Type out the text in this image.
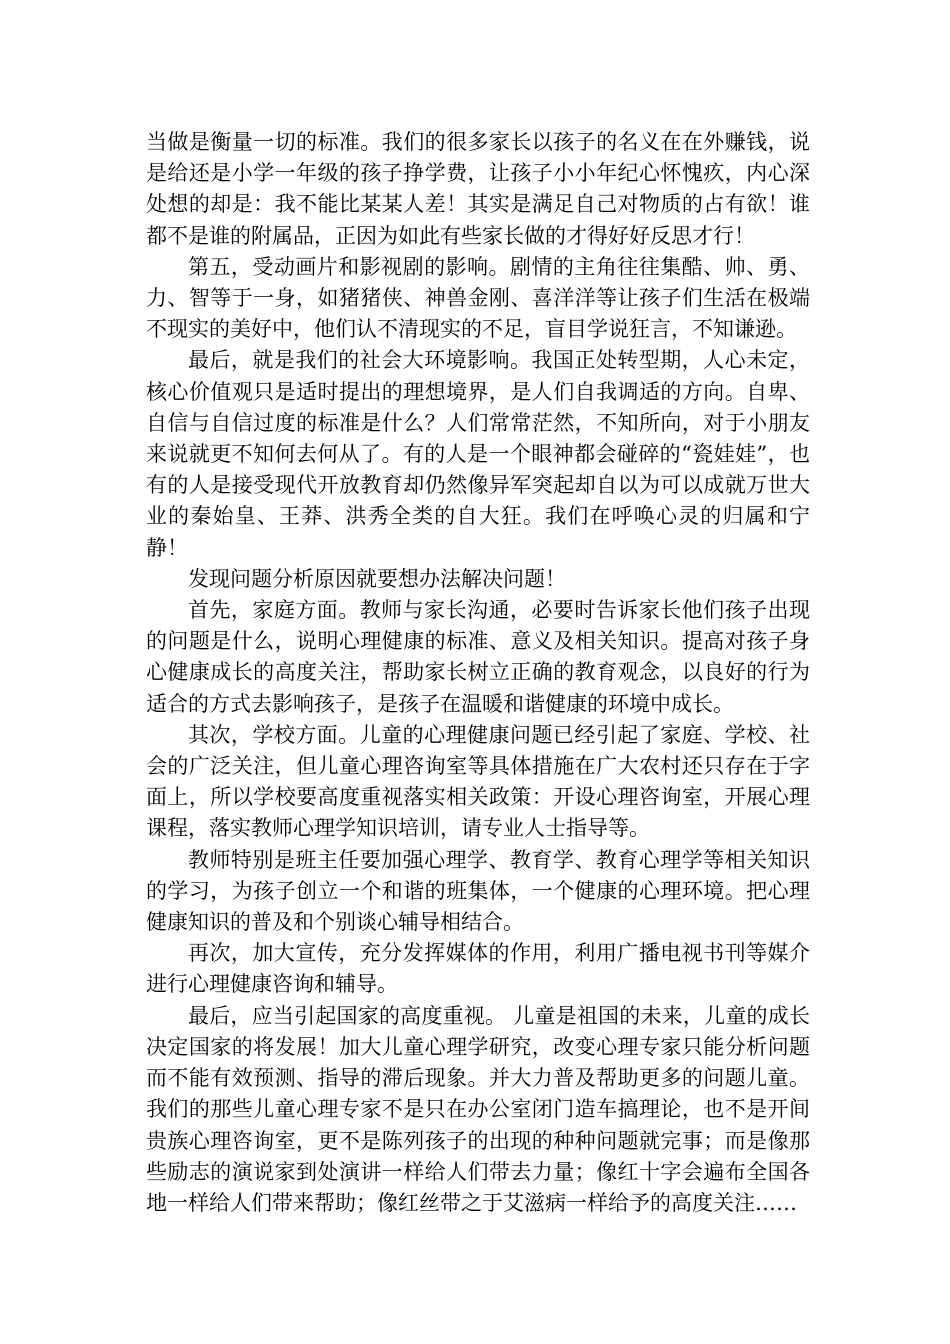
当做是衡量一切的标准。我们的很多家长以孩子的名义在在外赚钱，说是给还是小学一年级的孩子挣学费，让孩子小小年纪心怀愧疚，内心深处想的却是：我不能比某某人差！其实是满足自己对物质的占有欲！谁都不是谁的附属品，正因为如此有些家长做的才得好好反思才行！

第五，受动画片和影视剧的影响。剧情的主角往往集酷、帅、勇、力、智等于一身，如猪猪侠、神兽金刚、喜洋洋等让孩子们生活在极端不现实的美好中，他们认不清现实的不足，盲目学说狂言，不知谦逊。

最后，就是我们的社会大环境影响。我国正处转型期，人心未定，核心价值观只是适时提出的理想境界，是人们自我调适的方向。自卑、自信与自信过度的标准是什么？人们常常茫然，不知所向，对于小朋友来说就更不知何去何从了。有的人是一个眼神都会碰碎的“瓷娃娃”，也有的人是接受现代开放教育却仍然像异军突起却自以为可以成就万世大业的秦始皇、王莽、洪秀全类的自大狂。我们在呼唤心灵的归属和宁静！

发现问题分析原因就要想办法解决问题！

首先，家庭方面。教师与家长沟通，必要时告诉家长他们孩子出现的问题是什么，说明心理健康的标准、意义及相关知识。提高对孩子身心健康成长的高度关注，帮助家长树立正确的教育观念，以良好的行为适合的方式去影响孩子，是孩子在温暖和谐健康的环境中成长。

其次，学校方面。儿童的心理健康问题已经引起了家庭、学校、社会的广泛关注，但儿童心理咨询室等具体措施在广大农村还只存在于字面上，所以学校要高度重视落实相关政策：开设心理咨询室，开展心理课程，落实教师心理学知识培训，请专业人士指导等。

教师特别是班主任要加强心理学、教育学、教育心理学等相关知识的学习，为孩子创立一个和谐的班集体，一个健康的心理环境。把心理健康知识的普及和个别谈心辅导相结合。

再次，加大宣传，充分发挥媒体的作用，利用广播电视书刊等媒介进行心理健康咨询和辅导。

最后，应当引起国家的高度重视。 儿童是祖国的未来，儿童的成长决定国家的将发展！加大儿童心理学研究，改变心理专家只能分析问题而不能有效预测、指导的滞后现象。并大力普及帮助更多的问题儿童。我们的那些儿童心理专家不是只在办公室闭门造车搞理论，也不是开间贵族心理咨询室，更不是陈列孩子的出现的种种问题就完事；而是像那些励志的演说家到处演讲一样给人们带去力量；像红十字会遍布全国各地一样给人们带来帮助；像红丝带之于艾滋病一样给予的高度关注……
